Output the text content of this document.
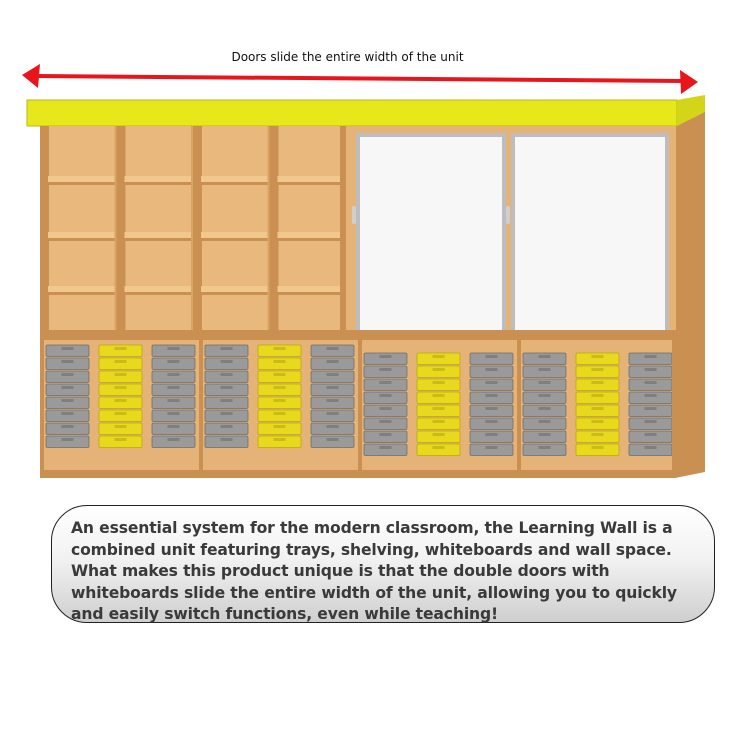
Doors slide the entire width of the unit

An essential system for the modern classroom, the Learning Wall is a combined unit featuring trays, shelving, whiteboards and wall space. What makes this product unique is that the double doors with whiteboards slide the entire width of the unit, allowing you to quickly and easily switch functions, even while teaching!
